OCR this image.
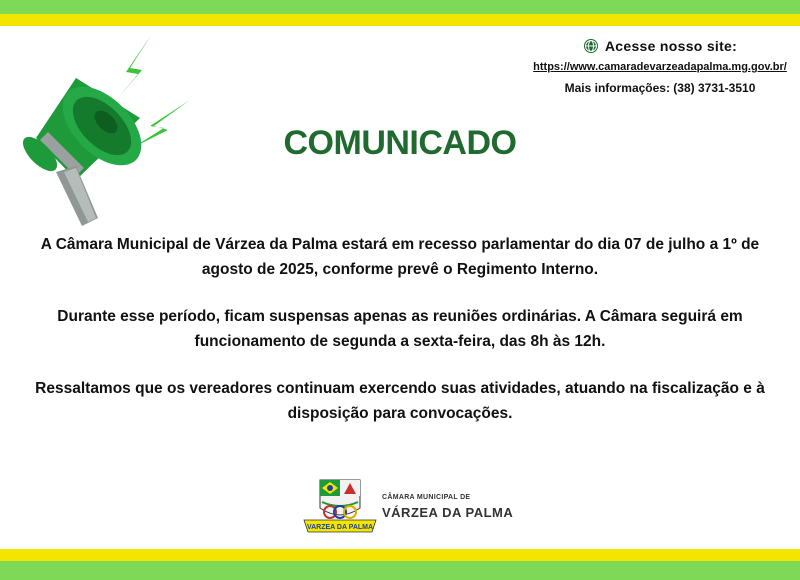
Acesse nosso site:
https://www.camaradevarzeadapalma.mg.gov.br/
Mais informações: (38) 3731-3510
COMUNICADO

A Câmara Municipal de Várzea da Palma estará em recesso parlamentar do dia 07 de julho a 1º de

agosto de 2025, conforme prevê o Regimento Interno.

Durante esse período, ficam suspensas apenas as reuniões ordinárias. A Câmara seguirá em

funcionamento de segunda a sexta-feira, das 8h às 12h.

Ressaltamos que os vereadores continuam exercendo suas atividades, atuando na fiscalização e à

disposição para convocações.

VARZEA DA PALMA
CÂMARA MUNICIPAL DE
VÁRZEA DA PALMA
